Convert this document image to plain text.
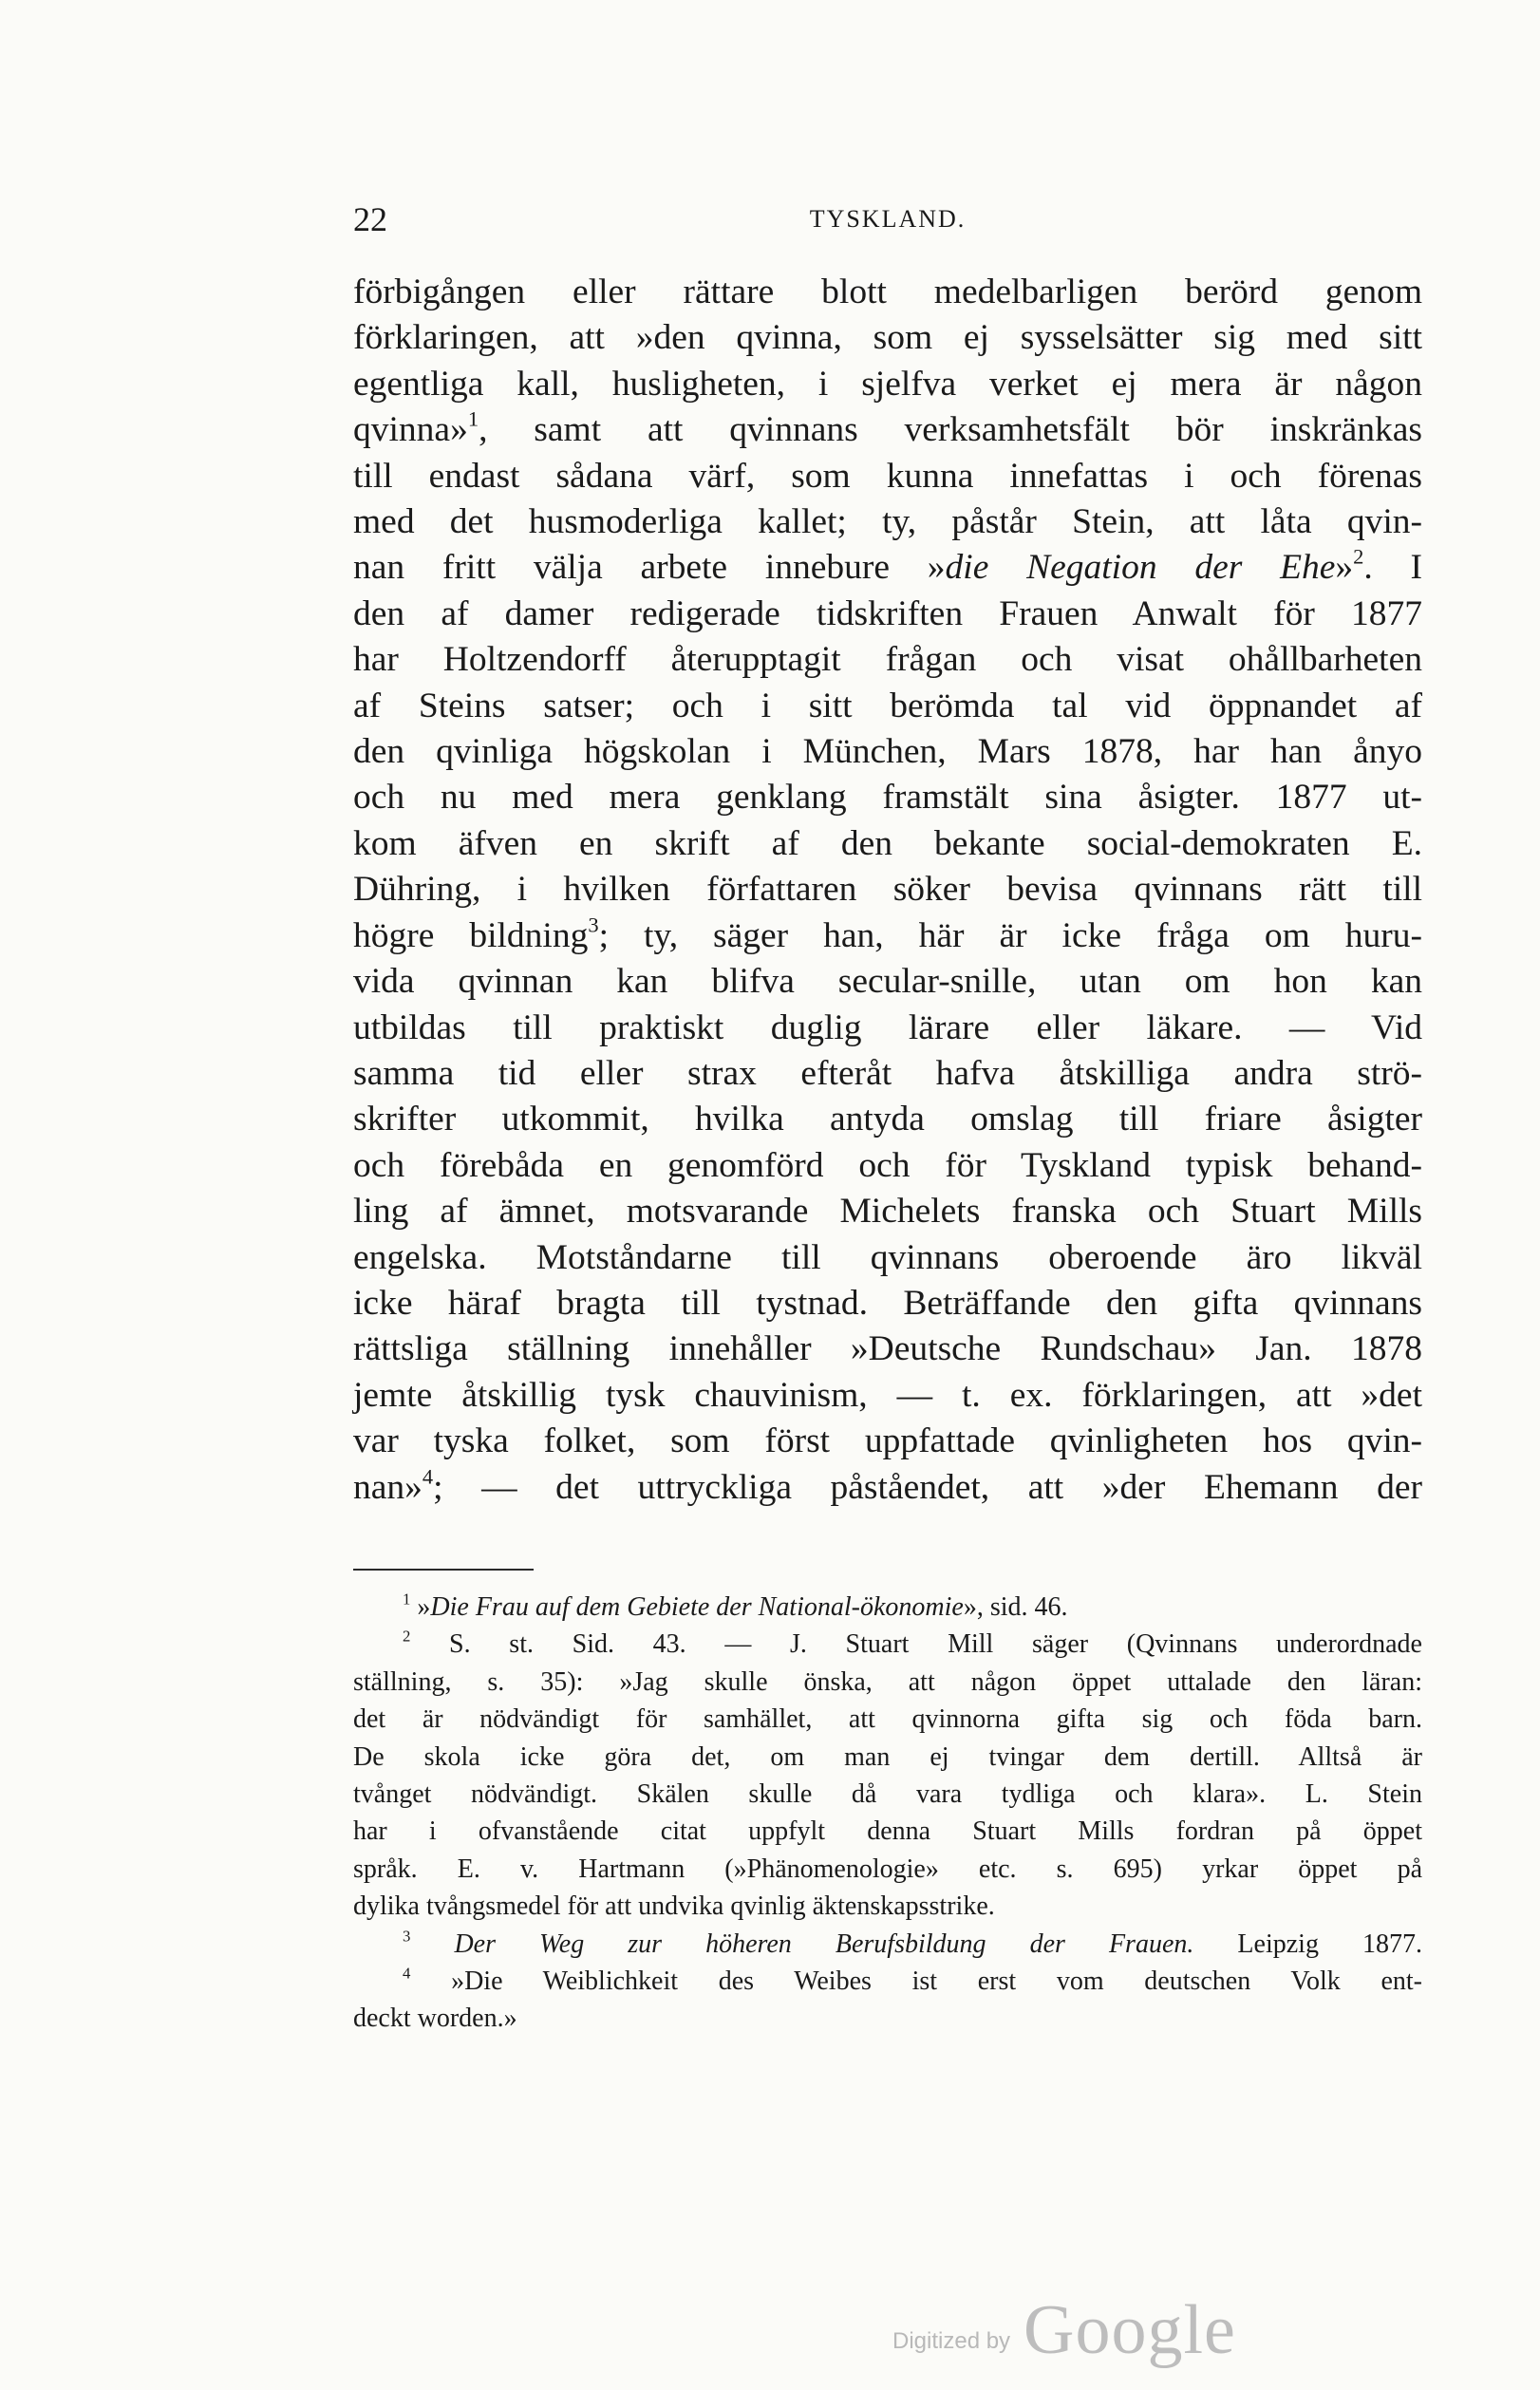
22	TYSKLAND.
förbigången eller rättare blott medelbarligen berörd genom
förklaringen, att »den qvinna, som ej sysselsätter sig med sitt
egentliga kall, husligheten, i sjelfva verket ej mera är någon
qvinna»$^1$, samt att qvinnans verksamhetsfält bör inskränkas
till endast sådana värf, som kunna innefattas i och förenas
med det husmoderliga kallet; ty, påstår Stein, att låta qvin-
nan fritt välja arbete innebure »die Negation der Ehe»$^2$. I
den af damer redigerade tidskriften Frauen Anwalt för 1877
har Holtzendorff återupptagit frågan och visat ohållbarheten
af Steins satser; och i sitt berömda tal vid öppnandet af
den qvinliga högskolan i München, Mars 1878, har han ånyo
och nu med mera genklang framstält sina åsigter. 1877 ut-
kom äfven en skrift af den bekante social-demokraten E.
Dühring, i hvilken författaren söker bevisa qvinnans rätt till
högre bildning$^3$; ty, säger han, här är icke fråga om huru-
vida qvinnan kan blifva secular-snille, utan om hon kan
utbildas till praktiskt duglig lärare eller läkare. — Vid
samma tid eller strax efteråt hafva åtskilliga andra strö-
skrifter utkommit, hvilka antyda omslag till friare åsigter
och förebåda en genomförd och för Tyskland typisk behand-
ling af ämnet, motsvarande Michelets franska och Stuart Mills
engelska. Motståndarne till qvinnans oberoende äro likväl
icke häraf bragta till tystnad. Beträffande den gifta qvinnans
rättsliga ställning innehåller »Deutsche Rundschau» Jan. 1878
jemte åtskillig tysk chauvinism, — t. ex. förklaringen, att »det
var tyska folket, som först uppfattade qvinligheten hos qvin-
nan»$^4$; — det uttryckliga påståendet, att »der Ehemann der
$^1$ »Die Frau auf dem Gebiete der National-ökonomie», sid. 46.
$^2$ S. st. Sid. 43. — J. Stuart Mill säger (Qvinnans underordnade
ställning, s. 35): »Jag skulle önska, att någon öppet uttalade den läran:
det är nödvändigt för samhället, att qvinnorna gifta sig och föda barn.
De skola icke göra det, om man ej tvingar dem dertill. Alltså är
tvånget nödvändigt. Skälen skulle då vara tydliga och klara». L. Stein
har i ofvanstående citat uppfylt denna Stuart Mills fordran på öppet
språk. E. v. Hartmann (»Phänomenologie» etc. s. 695) yrkar öppet på
dylika tvångsmedel för att undvika qvinlig äktenskapsstrike.
$^3$ Der Weg zur höheren Berufsbildung der Frauen. Leipzig 1877.
$^4$ »Die Weiblichkeit des Weibes ist erst vom deutschen Volk ent-
deckt worden.»
Digitized by Google
